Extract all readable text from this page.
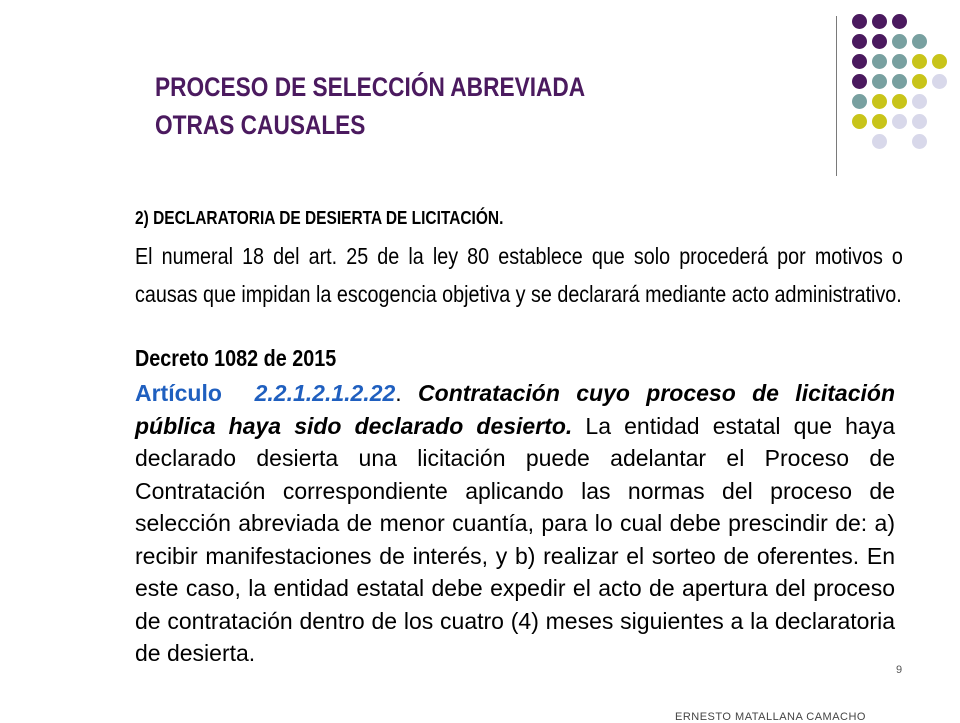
PROCESO DE SELECCIÓN ABREVIADA
OTRAS CAUSALES
2) DECLARATORIA DE DESIERTA DE LICITACIÓN.
El numeral 18 del art. 25 de la ley 80 establece que solo procederá por motivos o causas que impidan la escogencia objetiva y se declarará mediante acto administrativo.
Decreto 1082 de 2015
Artículo 2.2.1.2.1.2.22. Contratación cuyo proceso de licitación pública haya sido declarado desierto. La entidad estatal que haya declarado desierta una licitación puede adelantar el Proceso de Contratación correspondiente aplicando las normas del proceso de selección abreviada de menor cuantía, para lo cual debe prescindir de: a) recibir manifestaciones de interés, y b) realizar el sorteo de oferentes. En este caso, la entidad estatal debe expedir el acto de apertura del proceso de contratación dentro de los cuatro (4) meses siguientes a la declaratoria de desierta.
9
ERNESTO MATALLANA CAMACHO
